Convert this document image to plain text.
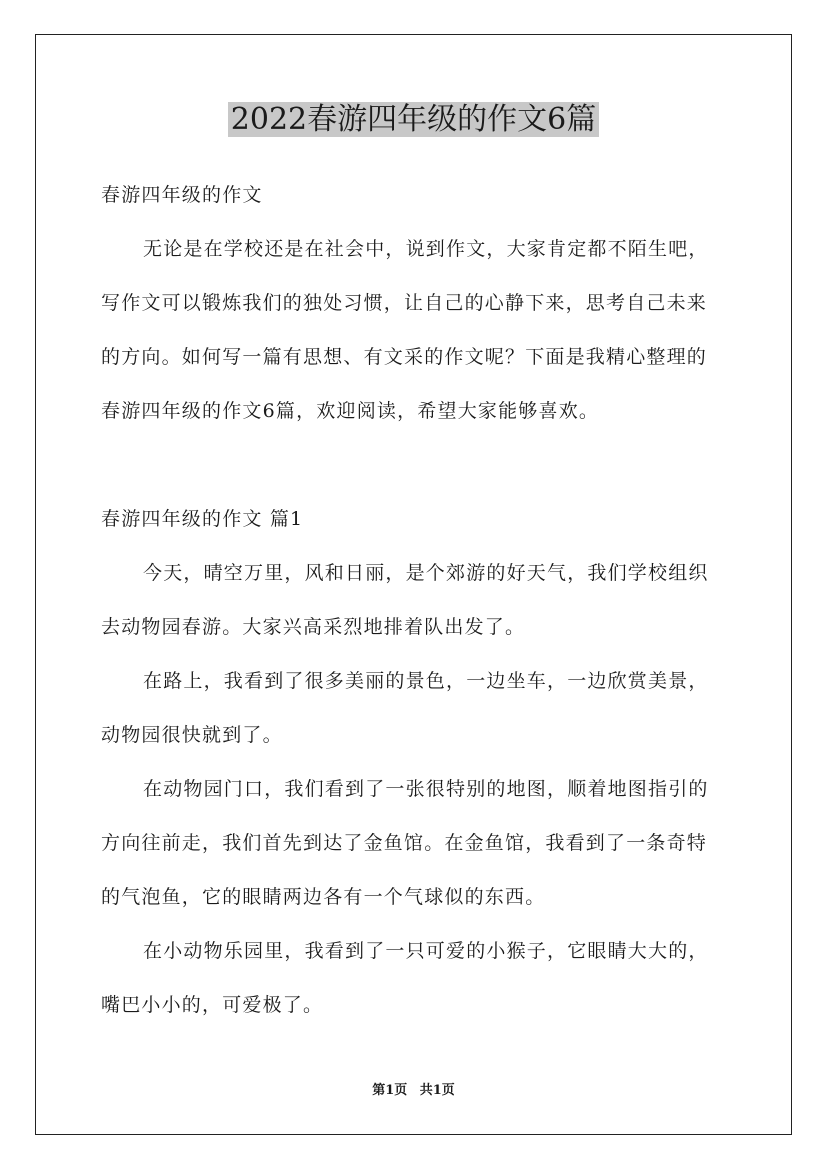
2022春游四年级的作文6篇
春游四年级的作文
无论是在学校还是在社会中，说到作文，大家肯定都不陌生吧，
写作文可以锻炼我们的独处习惯，让自己的心静下来，思考自己未来
的方向。如何写一篇有思想、有文采的作文呢？下面是我精心整理的
春游四年级的作文6篇，欢迎阅读，希望大家能够喜欢。
春游四年级的作文 篇1
今天，晴空万里，风和日丽，是个郊游的好天气，我们学校组织
去动物园春游。大家兴高采烈地排着队出发了。
在路上，我看到了很多美丽的景色，一边坐车，一边欣赏美景，
动物园很快就到了。
在动物园门口，我们看到了一张很特别的地图，顺着地图指引的
方向往前走，我们首先到达了金鱼馆。在金鱼馆，我看到了一条奇特
的气泡鱼，它的眼睛两边各有一个气球似的东西。
在小动物乐园里，我看到了一只可爱的小猴子，它眼睛大大的，
嘴巴小小的，可爱极了。
第1页 共1页
